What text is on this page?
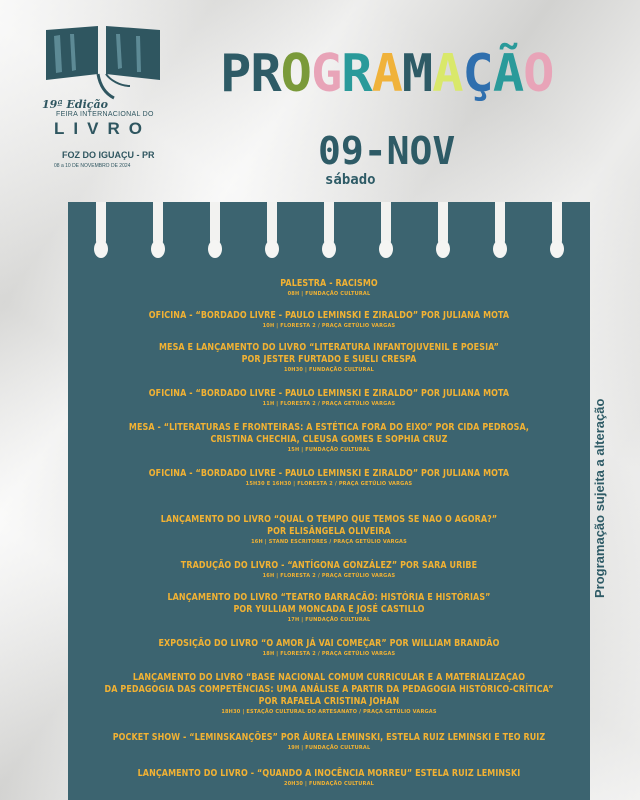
19ª Edição
FEIRA INTERNACIONAL DO
LIVRO
FOZ DO IGUAÇU - PR
08 a 10 DE NOVEMBRO DE 2024
PROGRAMAÇÃO
09-NOV
sábado
Programação sujeita a alteração
PALESTRA - RACISMO
08H | FUNDAÇÃO CULTURAL
OFICINA - “BORDADO LIVRE - PAULO LEMINSKI E ZIRALDO” POR JULIANA MOTA
10H | FLORESTA 2 / PRAÇA GETÚLIO VARGAS
MESA E LANÇAMENTO DO LIVRO “LITERATURA INFANTOJUVENIL E POESIA”
POR JESTER FURTADO E SUELI CRESPA
10H30 | FUNDAÇÃO CULTURAL
OFICINA - “BORDADO LIVRE - PAULO LEMINSKI E ZIRALDO” POR JULIANA MOTA
11H | FLORESTA 2 / PRAÇA GETÚLIO VARGAS
MESA - “LITERATURAS E FRONTEIRAS: A ESTÉTICA FORA DO EIXO” POR CIDA PEDROSA,
CRISTINA CHECHIA, CLEUSA GOMES E SOPHIA CRUZ
15H | FUNDAÇÃO CULTURAL
OFICINA - “BORDADO LIVRE - PAULO LEMINSKI E ZIRALDO” POR JULIANA MOTA
15H30 E 16H30 | FLORESTA 2 / PRAÇA GETÚLIO VARGAS
LANÇAMENTO DO LIVRO “QUAL O TEMPO QUE TEMOS SE NÃO O AGORA?”
POR ELISÂNGELA OLIVEIRA
16H | STAND ESCRITORES / PRAÇA GETÚLIO VARGAS
TRADUÇÃO DO LIVRO - “ANTÍGONA GONZÁLEZ” POR SARA URIBE
16H | FLORESTA 2 / PRAÇA GETÚLIO VARGAS
LANÇAMENTO DO LIVRO “TEATRO BARRACÃO: HISTÓRIA E HISTÓRIAS”
POR YULLIAM MONCADA E JOSÉ CASTILLO
17H | FUNDAÇÃO CULTURAL
EXPOSIÇÃO DO LIVRO “O AMOR JÁ VAI COMEÇAR” POR WILLIAM BRANDÃO
18H | FLORESTA 2 / PRAÇA GETÚLIO VARGAS
LANÇAMENTO DO LIVRO “BASE NACIONAL COMUM CURRICULAR E A MATERIALIZAÇÃO
DA PEDAGOGIA DAS COMPETÊNCIAS: UMA ANÁLISE A PARTIR DA PEDAGOGIA HISTÓRICO-CRÍTICA”
POR RAFAELA CRISTINA JOHAN
18H30 | ESTAÇÃO CULTURAL DO ARTESANATO / PRAÇA GETÚLIO VARGAS
POCKET SHOW - “LEMINSKANÇÕES” POR ÁUREA LEMINSKI, ESTELA RUIZ LEMINSKI E TEO RUIZ
19H | FUNDAÇÃO CULTURAL
LANÇAMENTO DO LIVRO - “QUANDO A INOCÊNCIA MORREU” ESTELA RUIZ LEMINSKI
20H30 | FUNDAÇÃO CULTURAL
